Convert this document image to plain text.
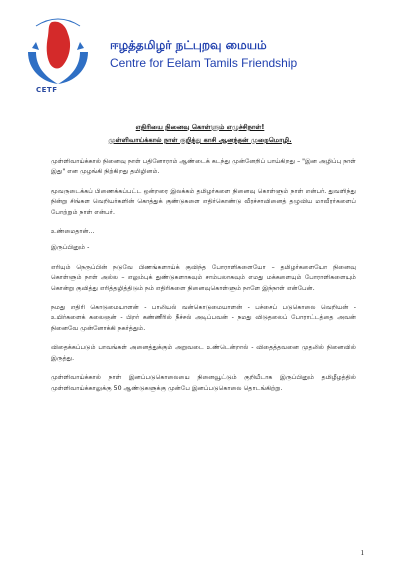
CETF
ஈழத்தமிழர் நட்புறவு மையம்
Centre for Eelam Tamils Friendship
எதிரியை நினைவு கொள்ளும் எழுச்சிநாள்!
முள்ளிவாய்க்கால் நாள் குறித்து காசி ஆனந்தன் முறைமொழி.

முள்ளிவாய்க்கால் நினைவு நாள் பதினோராம் ஆண்டைக் கடந்து முன்னேறிப் பாய்கிறது – "இன அழிப்பு நாள் இது" என முழங்கி நிற்கிறது தமிழினம்.

மூவருடைக்கப் பிணைக்கப்பட்ட ஒன்றரை இலக்கம் தமிழர்களை நினைவு கொள்ளும் நாள் என்பர். துவளிந்து நின்று சிங்கள வெறியர்களின் கொத்துக் குண்டுகளை எதிர்கொண்டு வீரச்சாவினைத் தழுவிய மாவீரர்களைப் போற்றும் நாள் என்பர்.

உண்மைதான்...

இருப்பினும் -

எரியும் நெருப்பின் நடுவே பிணங்களாய்க் குவிந்த போராளிகளையோ – தமிழர்களையோ நினைவு கொள்ளும் நாள் அல்ல – எலும்புக் துண்டுகளாகவும் சாம்பலாகவும் எமது மக்களையும் போராளிகளையும் கொன்று குவித்து எரித்தழித்திடும் நம் எதிரிகளை நினைவுகொள்ளும் நாளே இந்நாள் என்பேன்.

நமது எதிரி கொடுமையாளன் - பாலியல் வன்கொடுமையாளன் - பச்சைப் படுகொலை வெறியன் - உயிர்களைக் கலைஞன் - பிறர் கண்ணீரில் நீச்சல் அடிப்பவன் - நமது விடுதலைப் போராட்டத்தை அவன் நினைவே முன்னோக்கி நகர்த்தும்.

விதைக்கப்படும் பாவங்கள் அனைத்துக்கும் அறுவடை உண்டென்றால் - விதைத்தவனை முதலில் நினைவில் இருத்து.

முள்ளிவாய்க்கால் நாள் இனப்படுகொலையை நினைவூட்டும் குறியீடாக இருப்பினும் தமிழீழத்தில் முள்ளிவாய்க்காலுக்கு 50 ஆண்டுகளுக்கு முன்பே இனப்படுகொலை தொடங்கிற்று.

1
